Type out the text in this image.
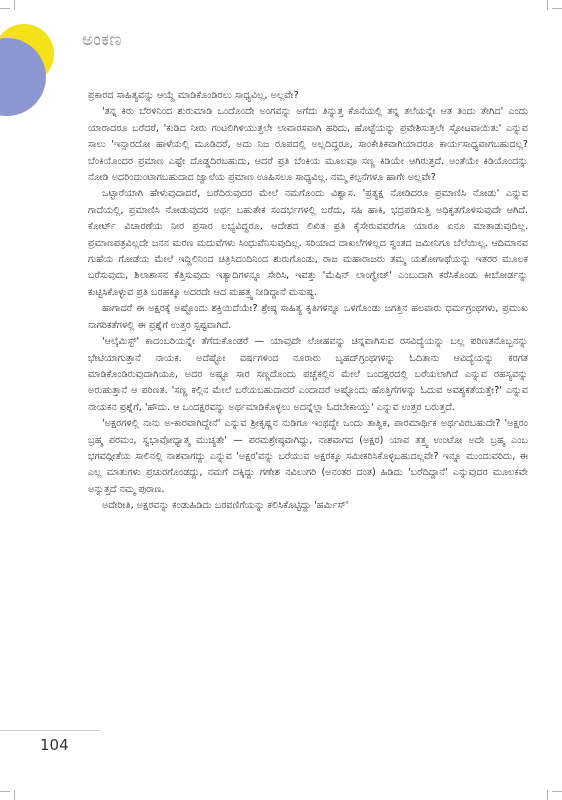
ಅಂಕಣ

ಪ್ರಕಾರದ ಸಾಹಿತ್ಯವನ್ನು ಆಯ್ದೆ ಮಾಡಿಕೊಂಡಿರಲು ಸಾಧ್ಯವಿಲ್ಲ, ಅಲ್ಲವೇ?

'ತನ್ನ ಕಿರು ಬೆರಳಿನಿಂದ ಶುರುಮಾಡಿ ಒಂದೊಂದೇ ಅಂಗವನ್ನು ಅಗೆದು ತಿನ್ನುತ್ತ ಕೊನೆಯಲ್ಲಿ ತನ್ನ ತಲೆಯನ್ನೇ ಆತ ತಿಂದು ತೇಗಿದ' ಎಂದು ಯಾರಾದರೂ ಬರೆದರೆ, 'ಕುಡಿದ ನೀರು ಗಂಟಲಿಗಿಳಿಯುತ್ತಲೇ ಲಾವಾರಸವಾಗಿ ಹರಿದು, ಹೊಟ್ಟೆಯನ್ನು ಪ್ರವೇಶಿಸುತ್ತಲೇ ಸ್ಫೋಟವಾಯಿತು' ಎನ್ನುವ ಸಾಲು 'ಇನ್ಸಾರದೋ ಹಾಳೆಯಲ್ಲಿ ಮೂಡಿದರೆ, ಅದು ನಿಜ ರೂಪದಲ್ಲಿ ಅಲ್ಲದಿದ್ದರೂ, ಸಾಂಕೇತಿಕವಾಗಿಯಾದರೂ ಕಾರ್ಯಸಾಧ್ಯವಾಗಬಹುದಲ್ಲ? ಬೆಂಕಿಯೊಂದರ ಪ್ರಮಾಣ ಎಷ್ಟೇ ದೊಡ್ಡದಿರಬಹುದು, ಆದರೆ ಪ್ರತಿ ಬೆಂಕಿಯ ಮೂಲವೂ ಸಣ್ಣ ಕಿಡಿಯೇ ಆಗಿರುತ್ತದೆ. ಅಂತೆಯೇ ಕಿಡಿಯೊಂದನ್ನು ನೋಡಿ ಅದರಿಂದುಂಟಾಗಬಹುದಾದ ಜ್ವಾಲೆಯ ಪ್ರಮಾಣ ಊಹಿಸಲೂ ಸಾಧ್ಯವಿಲ್ಲ. ನಮ್ಮ ಕಲ್ಪನೆಗಳೂ ಹಾಗೇ ಅಲ್ಲವೇ?

ಒಟ್ಟಾರೆಯಾಗಿ ಹೇಳುವುದಾದರೆ, ಬರೆದಿರುವುದರ ಮೇಲೆ ನಮಗೊಂದು ವಿಶ್ವಾಸ. 'ಪ್ರತ್ಯಕ್ಷ ನೋಡಿದರೂ ಪ್ರಮಾಣಿಸಿ ನೋಡು' ಎನ್ನುವ ಗಾದೆಯಲ್ಲಿ, ಪ್ರಮಾಣಿಸಿ ನೋಡುವುದರ ಅರ್ಥ ಬಹುತೇಕ ಸಂದರ್ಭಗಳಲ್ಲಿ ಬರೆದು, ಸಹಿ ಹಾಕಿ, ಭದ್ರಪಡಿಸುತ್ತಿ ಅಧಿಕೃತಗೊಳಿಸುವುದೇ ಆಗಿದೆ. ಕೋರ್ಟ್ ವಿಚಾರಣೆಯ ನೀರ ಪ್ರಸಾರ ಲಭ್ಯವಿದ್ದರೂ, ಆದೇಶದ ಲಿಖಿತ ಪ್ರತಿ ಕೈಸೇರುವವರೆಗೂ ಯಾರೂ ಏನೂ ಮಾತಾಡುವುದಿಲ್ಲ. ಪ್ರಮಾಣಪತ್ರವಿಲ್ಲದೇ ಜನನ ಮರಣ ಮದುವೆಗಳು ಸಿಂಧುವೆನಿಸುವುದಿಲ್ಲ. ಸರಿಯಾದ ದಾಖಲೆಗಳಿಲ್ಲದ ಸ್ವಂತದ ಜಮೀನಿಗೂ ಬೆಲೆಯಿಲ್ಲ. ಆದಿಮಾನವ ಗುಹೆಯ ಗೋಡೆಯ ಮೇಲೆ ಇದ್ದಿಲಿನಿಂದ ಚಿತ್ರಿಸಿದಂದಿನಿಂದ ಶುರುಗೊಂಡು, ರಾಜ ಮಹಾರಾಜರು ತಮ್ಮ ಯಶೋಗಾಥೆಯನ್ನು ಇತರರ ಮೂಲಕ ಬರೆಸುವುದು, ಶಿಲಾಶಾಸನ ಕೆತ್ತಿಸುವುದು ಇತ್ಯಾದಿಗಳನ್ನೂ ಸೇರಿಸಿ, ಇವತ್ತು 'ಮೆಷಿನ್ ಲಾಂಗ್ವೇಜ್' ಎಂಬುದಾಗಿ ಕರೆಸಿಕೊಂಡು ಕೀಬೋರ್ಡನ್ನು ಕುಟ್ಟಿಸಿಕೊಳ್ಳುವ ಪ್ರತಿ ಬರಹಕ್ಕೂ ಅದರದೇ ಆದ ಮಹತ್ತ್ವ ನೀಡಿದ್ದಾನೆ ಮನುಷ್ಯ.

ಹಾಗಾದರೆ ಈ ಅಕ್ಷರಕ್ಕೆ ಅಷ್ಟೊಂದು ಶಕ್ತಿಯಿದೆಯೇ? ಶ್ರೇಷ್ಠ ಸಾಹಿತ್ಯ ಕೃತಿಗಳನ್ನೂ ಒಳಗೊಂಡು ಜಗತ್ತಿನ ಹಲವಾರು ಧರ್ಮಗ್ರಂಥಗಳು, ಪ್ರಮುಖ ನಾಗರಿಕತೆಗಳಲ್ಲಿ ಈ ಪ್ರಶ್ನೆಗೆ ಉತ್ತರ ಸ್ಪಷ್ಟವಾಗಿದೆ.

'ಆಲ್ಕೆಮಿಸ್ಟ್' ಕಾದಂಬರಿಯನ್ನೇ ತೆಗೆದುಕೊಂಡರೆ — ಯಾವುದೇ ಲೋಹವನ್ನು ಚಿನ್ನವಾಗಿಸುವ ರಸವಿದ್ಯೆಯನ್ನು ಬಲ್ಲ ಪರಿಣತನೊಬ್ಬನನ್ನು ಭೇಟಿಯಾಗುತ್ತಾನೆ ನಾಯಕ. ಅದೆಷ್ಟೋ ವರ್ಷಗಳಿಂದ ನೂರಾರು ಬೃಹದ್‌ಗ್ರಂಥಗಳನ್ನು ಓದಿತಾನು ಆವಿದ್ಯೆಯನ್ನು ಕರಗತ ಮಾಡಿಕೊಂಡಿರುವುದಾಗಿಯೂ, ಅದರ ಅಷ್ಟೂ ಸಾರ ಸಣ್ಣದೊಂದು ಪಚ್ಚೆಕಲ್ಲಿನ ಮೇಲೆ ಒಂದಕ್ಷರದಲ್ಲಿ ಬರೆಯಲಾಗಿದೆ ಎನ್ನುವ ರಹಸ್ಯವನ್ನು ಅರುಹುತ್ತಾನೆ ಆ ಪರಿಣತ. 'ಸಣ್ಣ ಕಲ್ಲಿನ ಮೇಲೆ ಬರೆಯಬಹುದಾದರೆ ಎಂದಾದರೆ ಅಷ್ಟೊಂದು ಹೊತ್ತಿಗೆಗಳನ್ನು ಓದುವ ಅವಶ್ಯಕತೆಯತ್ತೇ?' ಎನ್ನುವ ನಾಯಕನ ಪ್ರಶ್ನೆಗೆ, 'ಹೌದು. ಆ ಒಂದಕ್ಷರವನ್ನು ಅರ್ಥಮಾಡಿಕೊಳ್ಳಲು ಅದನ್ನೆಲ್ಲಾ ಓದಬೇಕಾಯ್ತು' ಎನ್ನುವ ಉತ್ತರ ಬರುತ್ತದೆ.

'ಅಕ್ಷರಗಳಲ್ಲಿ ನಾನು ಅ-ಕಾರವಾಗಿದ್ದೇನೆ' ಎನ್ನುವ ಶ್ರೀಕೃಷ್ಣನ ನುಡಿಗೂ ಇಂಥದ್ದೇ ಒಂದು ತಾತ್ವಿಕ, ಪಾರಮಾರ್ಥಿಕ ಅರ್ಥವಿರಬಹುದೇ? 'ಅಕ್ಷರಂ ಬ್ರಹ್ಮ ಪರಮಂ, ಸ್ವಭಾವೋಧ್ಯಾತ್ಮ ಮುಚ್ಯತೇ' — ಪರಮಶ್ರೇಷ್ಠವಾಗಿದ್ದು, ನಾಶವಾಗದ (ಅಕ್ಷರ) ಯಾವ ತತ್ತ್ವ ಉಂಟೋ ಅದೇ ಬ್ರಹ್ಮ ಎಂಬ ಭಗವದ್ಗೀತೆಯ ಸಾಲಿನಲ್ಲಿ ನಾಶವಾಗದ್ದು ಎನ್ನುವ 'ಅಕ್ಷರ'ವನ್ನು ಬರೆಯುವ ಅಕ್ಷರಕ್ಕೂ ಸಮೀಕರಿಸಿಕೊಳ್ಳಬಹುದಲ್ಲವೇ? ಇನ್ನೂ ಮುಂದುವರಿದು, ಈ ಎಲ್ಲ ಮಾತುಗಳು ಪ್ರಚುರಗೊಂಡದ್ದು, ನಮಗೆ ದಕ್ಕಿದ್ದು ಗಣೇಶ ನವಿಲುಗರಿ (ಅನಂತರ ದಂತ) ಹಿಡಿದು 'ಬರೆದಿದ್ದಾನೆ' ಎನ್ನುವುದರ ಮೂಲಕವೇ ಅನ್ನುತ್ತದೆ ನಮ್ಮ ಪುರಾಣ.

ಅದೇರೀತಿ, ಅಕ್ಷರವನ್ನು ಕಂಡುಹಿಡಿದು ಬರವಣಿಗೆಯನ್ನು ಕಲಿಸಿಕೊಟ್ಟಿದ್ದು 'ಹರ್ಮಿಸ್'

104
